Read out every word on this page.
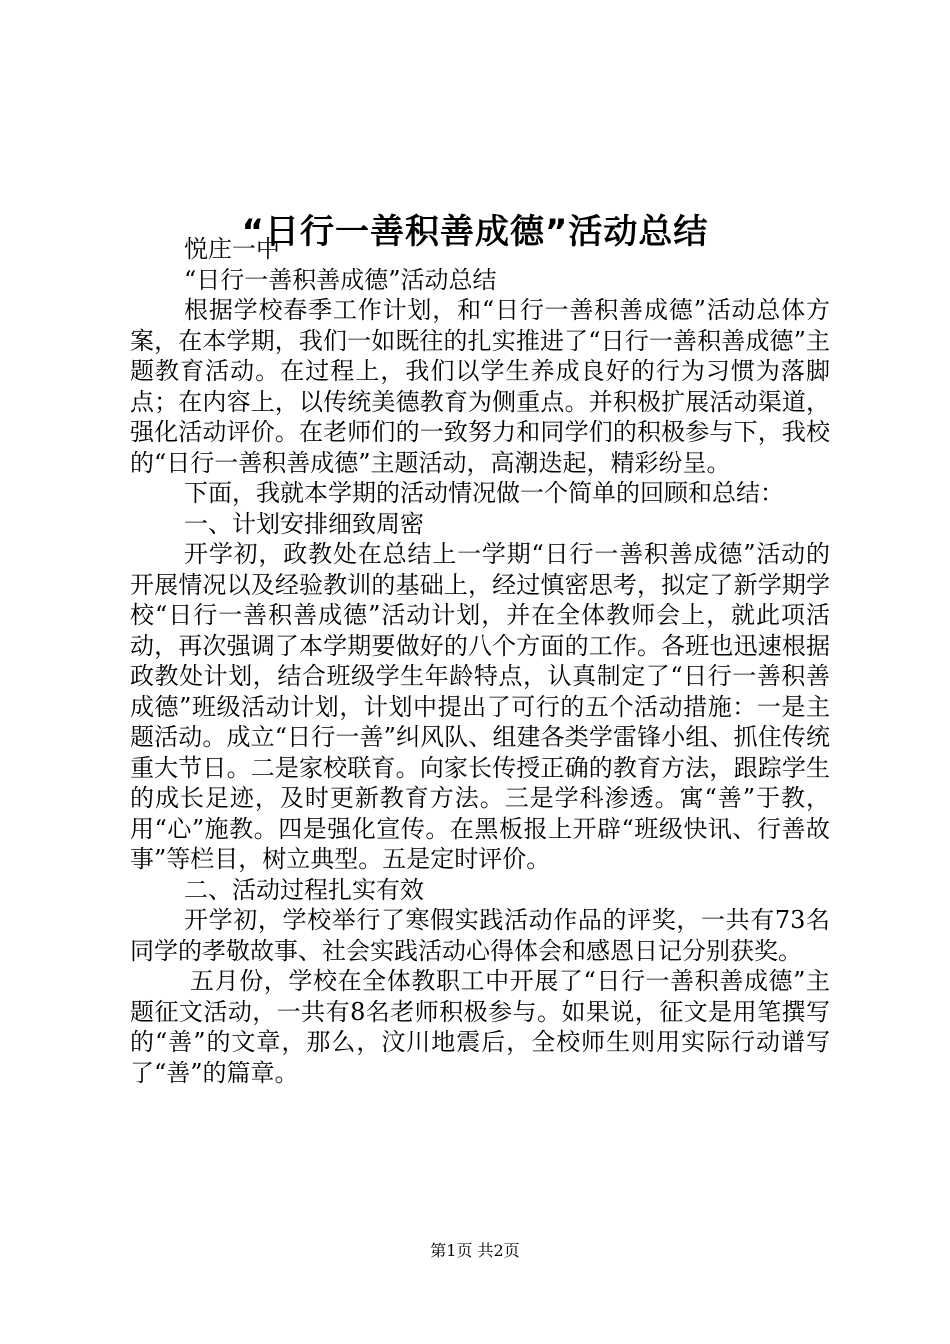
“日行一善积善成德”活动总结

悦庄一中

“日行一善积善成德”活动总结

根据学校春季工作计划，和“日行一善积善成德”活动总体方案，在本学期，我们一如既往的扎实推进了“日行一善积善成德”主题教育活动。在过程上，我们以学生养成良好的行为习惯为落脚点；在内容上，以传统美德教育为侧重点。并积极扩展活动渠道，强化活动评价。在老师们的一致努力和同学们的积极参与下，我校的“日行一善积善成德”主题活动，高潮迭起，精彩纷呈。

下面，我就本学期的活动情况做一个简单的回顾和总结：

一、计划安排细致周密

开学初，政教处在总结上一学期“日行一善积善成德”活动的开展情况以及经验教训的基础上，经过慎密思考，拟定了新学期学校“日行一善积善成德”活动计划，并在全体教师会上，就此项活动，再次强调了本学期要做好的八个方面的工作。各班也迅速根据政教处计划，结合班级学生年龄特点，认真制定了“日行一善积善成德”班级活动计划，计划中提出了可行的五个活动措施：一是主题活动。成立“日行一善”纠风队、组建各类学雷锋小组、抓住传统重大节日。二是家校联育。向家长传授正确的教育方法，跟踪学生的成长足迹，及时更新教育方法。三是学科渗透。寓“善”于教，用“心”施教。四是强化宣传。在黑板报上开辟“班级快讯、行善故事”等栏目，树立典型。五是定时评价。

二、活动过程扎实有效

开学初，学校举行了寒假实践活动作品的评奖，一共有73名同学的孝敬故事、社会实践活动心得体会和感恩日记分别获奖。

五月份，学校在全体教职工中开展了“日行一善积善成德”主题征文活动，一共有8名老师积极参与。如果说，征文是用笔撰写的“善”的文章，那么，汶川地震后，全校师生则用实际行动谱写了“善”的篇章。

第1页 共2页
